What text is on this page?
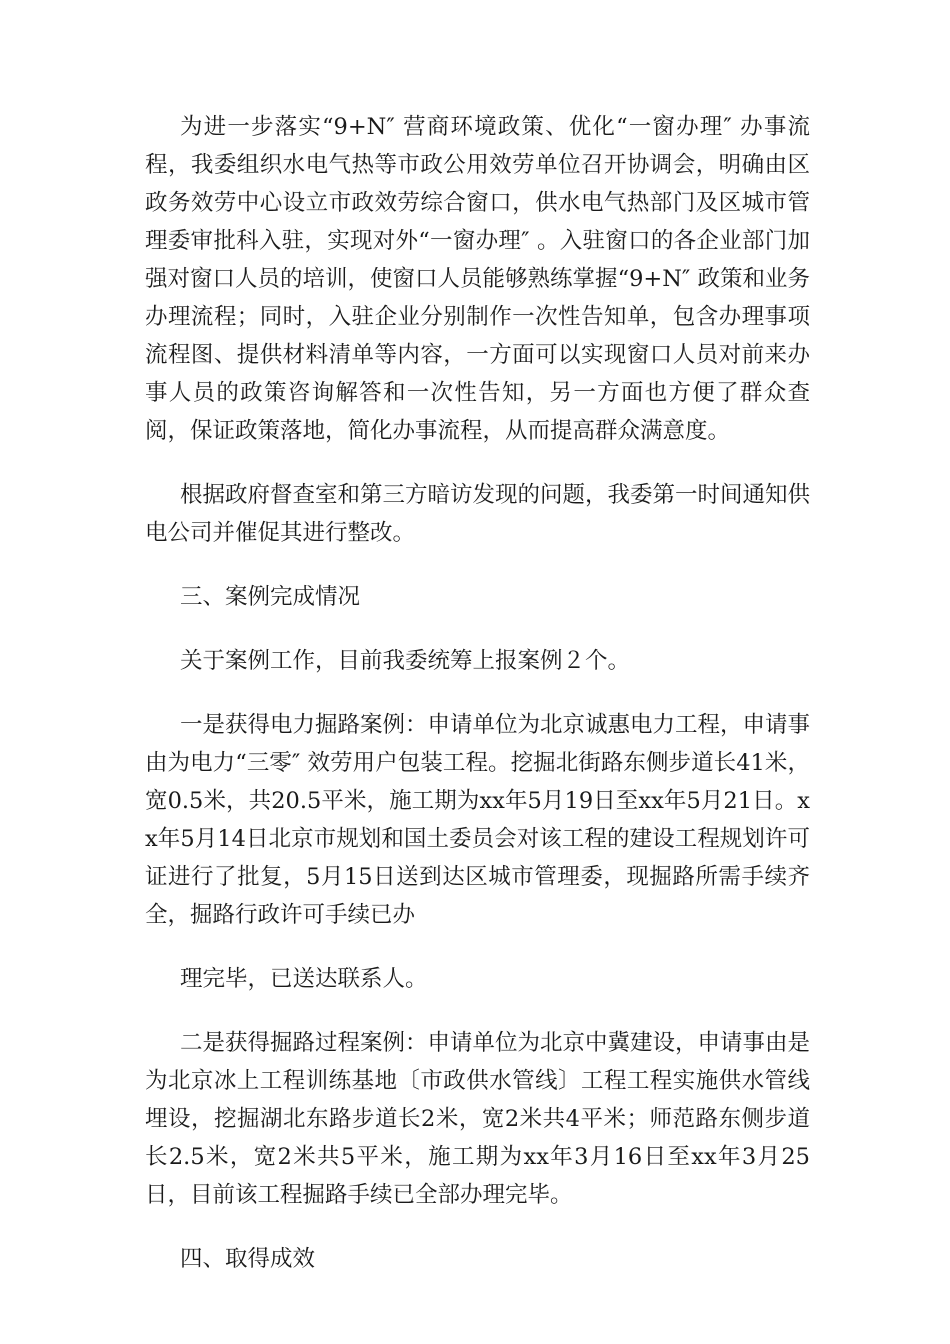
为进一步落实“9+N″ 营商环境政策、优化“一窗办理″ 办事流程，我委组织水电气热等市政公用效劳单位召开协调会，明确由区政务效劳中心设立市政效劳综合窗口，供水电气热部门及区城市管理委审批科入驻，实现对外“一窗办理″ 。入驻窗口的各企业部门加强对窗口人员的培训，使窗口人员能够熟练掌握“9+N″ 政策和业务办理流程；同时，入驻企业分别制作一次性告知单，包含办理事项流程图、提供材料清单等内容，一方面可以实现窗口人员对前来办事人员的政策咨询解答和一次性告知，另一方面也方便了群众查阅，保证政策落地，简化办事流程，从而提高群众满意度。

根据政府督查室和第三方暗访发现的问题，我委第一时间通知供电公司并催促其进行整改。

三、案例完成情况

关于案例工作，目前我委统筹上报案例２个。

一是获得电力掘路案例：申请单位为北京诚惠电力工程，申请事由为电力“三零″ 效劳用户包装工程。挖掘北街路东侧步道长41米，宽0.5米，共20.5平米，施工期为xx年5月19日至xx年5月21日。xx年5月14日北京市规划和国土委员会对该工程的建设工程规划许可证进行了批复，5月15日送到达区城市管理委，现掘路所需手续齐全，掘路行政许可手续已办

理完毕，已送达联系人。

二是获得掘路过程案例：申请单位为北京中冀建设，申请事由是为北京冰上工程训练基地〔市政供水管线〕工程工程实施供水管线埋设，挖掘湖北东路步道长2米，宽2米共4平米；师范路东侧步道长2.5米，宽2米共5平米，施工期为xx年3月16日至xx年3月25日，目前该工程掘路手续已全部办理完毕。

四、取得成效
